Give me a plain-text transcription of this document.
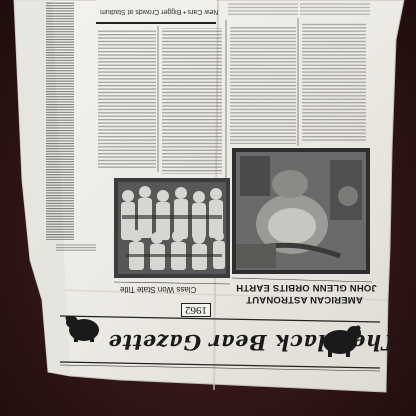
The Black Bear Gazette
1962
AMERICAN ASTRONAUT
JOHN GLENN ORBITS EARTH
Class Won State Title
New Cars • Bigger Crowds at Stadium
